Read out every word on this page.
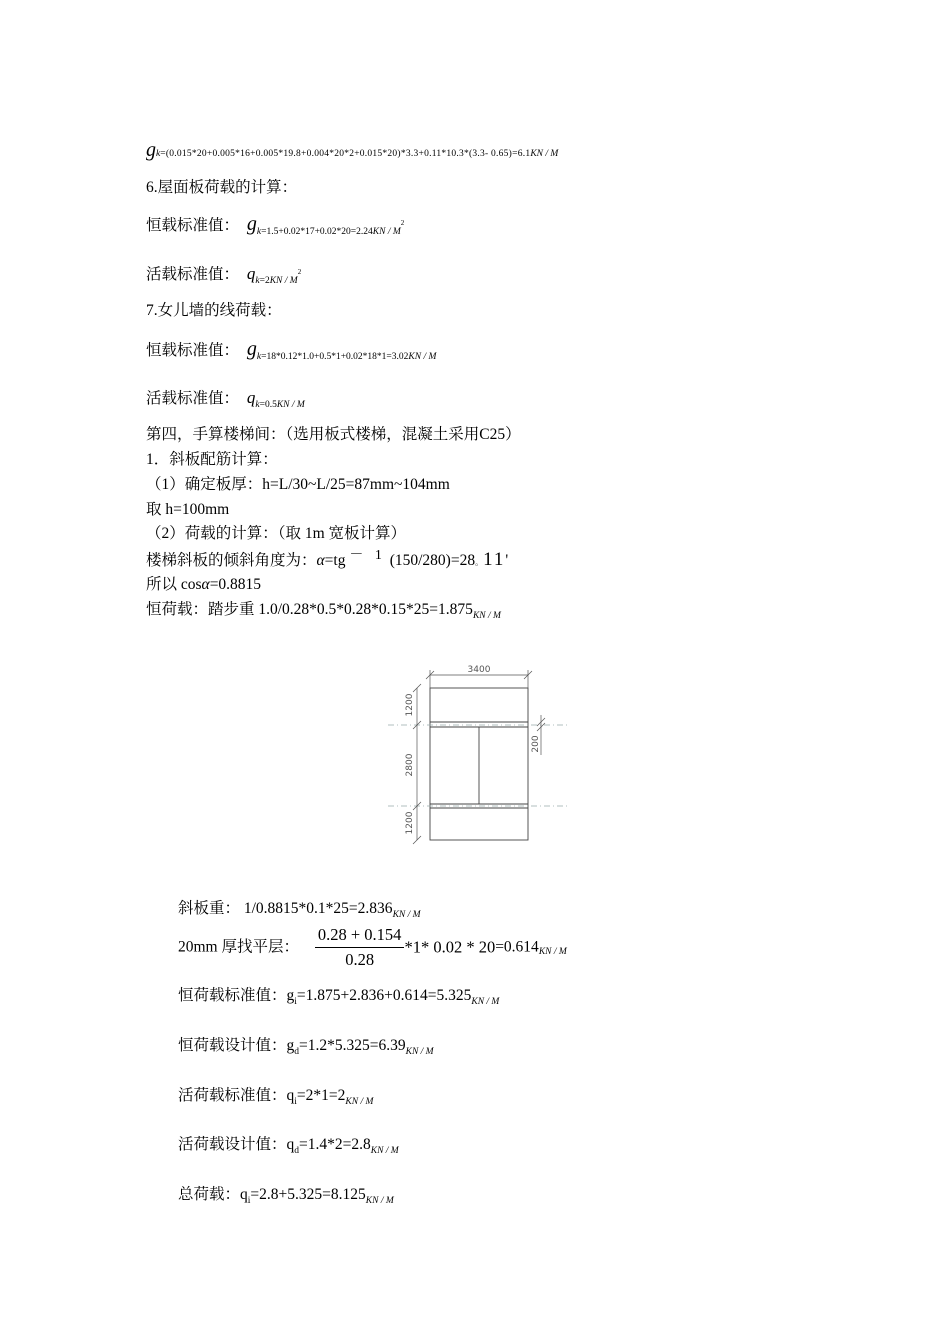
gk=(0.015*20+0.005*16+0.005*19.8+0.004*20*2+0.015*20)*3.3+0.11*10.3*(3.3- 0.65)=6.1KN / M
6.屋面板荷载的计算：
恒载标准值： $g_{k=1.5+0.02*17+0.02*20=2.24KN / M}^2$
活载标准值： $q_{k=2KN / M}^2$
7.女儿墙的线荷载：
恒载标准值： $g_{k=18*0.12*1.0+0.5*1+0.02*18*1=3.02KN / M}$
活载标准值： $q_{k=0.5KN / M}$
第四，手算楼梯间：（选用板式楼梯，混凝土采用C25）
1．斜板配筋计算：
（1）确定板厚：h=L/30~L/25=87mm~104mm
取 h=100mm
（2）荷载的计算：（取 1m 宽板计算）
楼梯斜板的倾斜角度为：α=tg － 1 (150/280)=28。11'
所以 cosα=0.8815
恒荷载：踏步重 $1.0/0.28*0.5*0.28*0.15*25=1.875_{KN / M}$
3400
1200
2800
1200
200
斜板重： $1/0.8815*0.1*25=2.836_{KN / M}$
20mm 厚找平层： $\frac{0.28 + 0.154}{0.28} *1*$ $0.02 * 20=0.614_{KN / M}$
恒荷载标准值：$g_i=1.875+2.836+0.614=5.325_{KN / M}$
恒荷载设计值：$g_d=1.2*5.325=6.39_{KN / M}$
活荷载标准值：$q_i=2*1=2_{KN / M}$
活荷载设计值：$q_d=1.4*2=2.8_{KN / M}$
总荷载：$q_i=2.8+5.325=8.125_{KN / M}$
